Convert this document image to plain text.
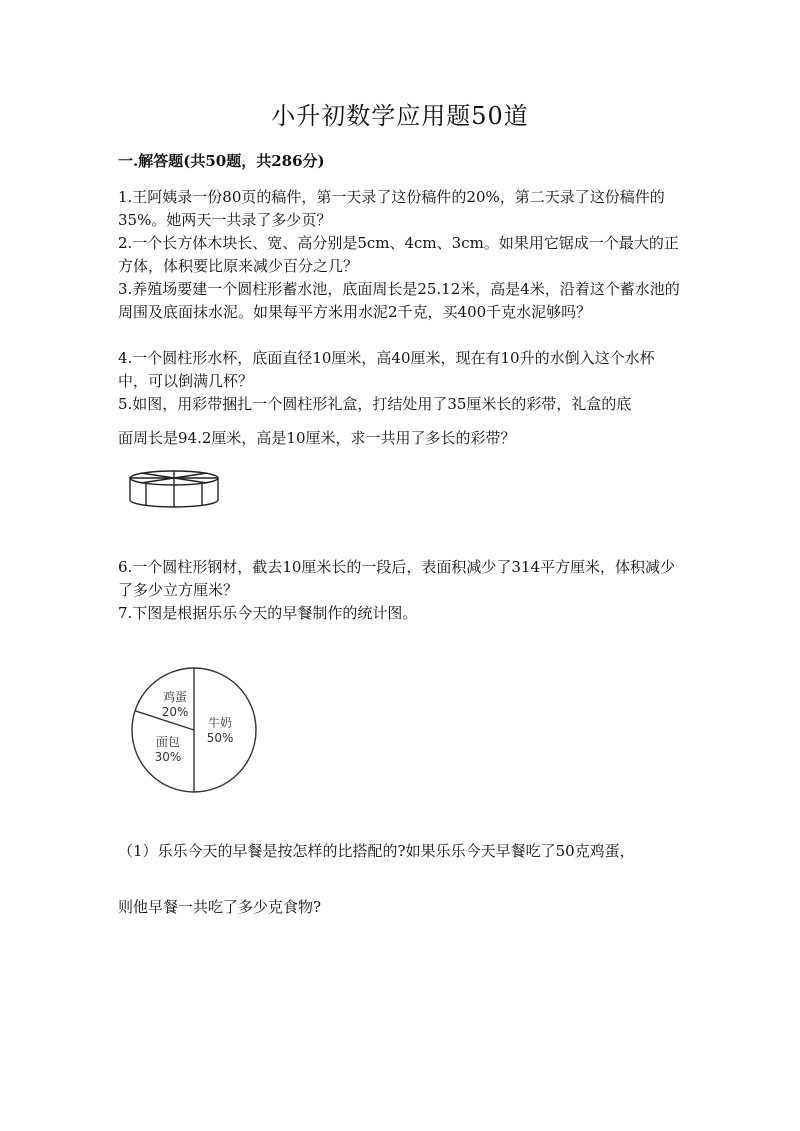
小升初数学应用题50道
一.解答题(共50题，共286分)
1.王阿姨录一份80页的稿件，第一天录了这份稿件的20%，第二天录了这份稿件的35%。她两天一共录了多少页？
2.一个长方体木块长、宽、高分别是5cm、4cm、3cm。如果用它锯成一个最大的正方体，体积要比原来减少百分之几？
3.养殖场要建一个圆柱形蓄水池，底面周长是25.12米，高是4米，沿着这个蓄水池的周围及底面抹水泥。如果每平方米用水泥2千克，买400千克水泥够吗？
4.一个圆柱形水杯，底面直径10厘米，高40厘米，现在有10升的水倒入这个水杯中，可以倒满几杯？
5.如图，用彩带捆扎一个圆柱形礼盒，打结处用了35厘米长的彩带，礼盒的底
面周长是94.2厘米，高是10厘米，求一共用了多长的彩带？
6.一个圆柱形钢材，截去10厘米长的一段后，表面积减少了314平方厘米，体积减少了多少立方厘米？
7.下图是根据乐乐今天的早餐制作的统计图。
牛奶
50%
面包
30%
鸡蛋
20%
（1）乐乐今天的早餐是按怎样的比搭配的?如果乐乐今天早餐吃了50克鸡蛋，
则他早餐一共吃了多少克食物?
